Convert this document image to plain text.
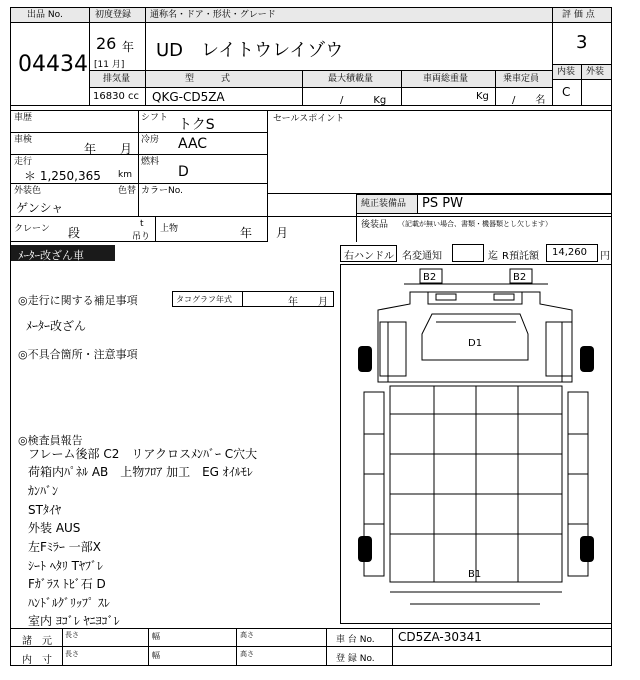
出品 No.
04434
初度登録
26 年
[11 月]
通称名・ドア・形状・グレード
UD　レイトウレイゾウ
評 価 点
3
内装 外装
C
排気量
16830 cc
型　　　式
QKG-CD5ZA
最大積載量
/　　　Kg
車両総重量
Kg
乗車定員
/　　名
セールスポイント
車歴	シフト トクS
車検
年　　月
冷房 AAC
走行
＊ 1,250,365 km
燃料
D
外装色
ゲンシャ
色替 カラーNo.
純正装備品 PS PW
後装品 （記載が無い場合、書類・機器類とし欠します）
クレーン 段
t
吊り
上物	年　　月
ﾒｰﾀｰ改ざん車	右ハンドル 名変通知	迄 R預託額 14,260 円
◎走行に関する補足事項	タコグラフ年式	年　　月
ﾒｰﾀｰ改ざん
◎不具合箇所・注意事項
◎検査員報告
フレーム後部 C2　リアクロスﾒﾝﾊﾞｰ C穴大
荷箱内ﾊﾟﾈﾙ AB　上物ﾌﾛｱ 加工　EG ｵｲﾙﾓﾚ
ｶﾝﾊﾞﾝ
STﾀｲﾔ
外装 AUS
左Fﾐﾗｰ 一部X
ｼｰﾄ ﾍﾀﾘ Tﾔﾌﾞﾚ
Fｶﾞﾗｽ ﾄﾋﾞ石 D
ﾊﾝﾄﾞﾙｸﾞﾘｯﾌﾟ ｽﾚ
室内 ﾖｺﾞﾚ ﾔﾆﾖｺﾞﾚ
B2	B2
D1
B1
諸　元
内　寸
長さ	幅	高さ
長さ	幅	高さ
車 台 No. CD5ZA-30341
登 録 No.
